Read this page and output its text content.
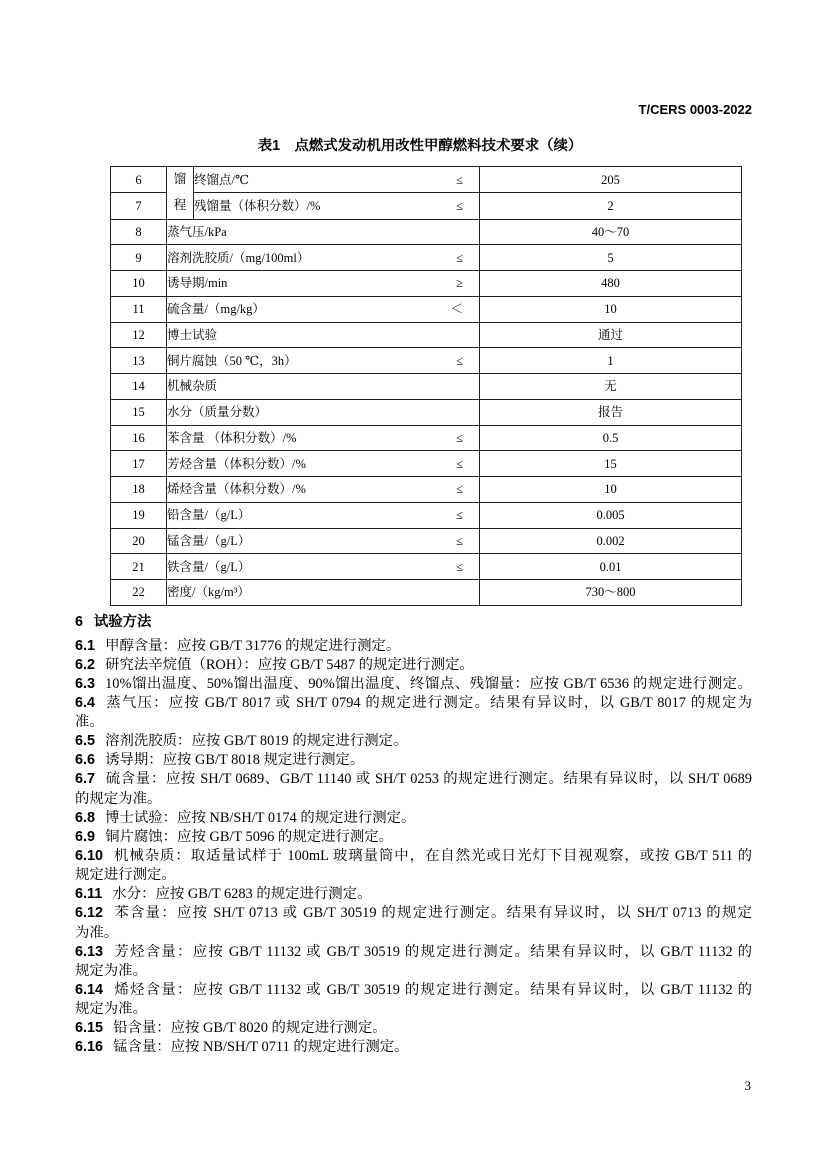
T/CERS 0003-2022
表1 点燃式发动机用改性甲醇燃料技术要求（续）
6	馏程	终馏点/℃ ≤	205
7		残馏量（体积分数）/% ≤	2
8	蒸气压/kPa		40～70
9	溶剂洗胶质/（mg/100ml） ≤		5
10	诱导期/min ≥		480
11	硫含量/（mg/kg） ＜		10
12	博士试验		通过
13	铜片腐蚀（50 ℃，3h） ≤		1
14	机械杂质		无
15	水分（质量分数）		报告
16	苯含量 （体积分数）/% ≤		0.5
17	芳烃含量（体积分数）/% ≤		15
18	烯烃含量（体积分数）/% ≤		10
19	铅含量/（g/L） ≤		0.005
20	锰含量/（g/L） ≤		0.002
21	铁含量/（g/L） ≤		0.01
22	密度/（kg/m³）		730～800
6 试验方法
6.1 甲醇含量：应按 GB/T 31776 的规定进行测定。
6.2 研究法辛烷值（ROH）：应按 GB/T 5487 的规定进行测定。
6.3 10%馏出温度、50%馏出温度、90%馏出温度、终馏点、残馏量：应按 GB/T 6536 的规定进行测定。
6.4 蒸气压：应按 GB/T 8017 或 SH/T 0794 的规定进行测定。结果有异议时，以 GB/T 8017 的规定为
准。
6.5 溶剂洗胶质：应按 GB/T 8019 的规定进行测定。
6.6 诱导期：应按 GB/T 8018 规定进行测定。
6.7 硫含量：应按 SH/T 0689、GB/T 11140 或 SH/T 0253 的规定进行测定。结果有异议时，以 SH/T 0689
的规定为准。
6.8 博士试验：应按 NB/SH/T 0174 的规定进行测定。
6.9 铜片腐蚀：应按 GB/T 5096 的规定进行测定。
6.10 机械杂质：取适量试样于 100mL 玻璃量筒中，在自然光或日光灯下目视观察，或按 GB/T 511 的
规定进行测定。
6.11 水分：应按 GB/T 6283 的规定进行测定。
6.12 苯含量：应按 SH/T 0713 或 GB/T 30519 的规定进行测定。结果有异议时，以 SH/T 0713 的规定
为准。
6.13 芳烃含量：应按 GB/T 11132 或 GB/T 30519 的规定进行测定。结果有异议时，以 GB/T 11132 的
规定为准。
6.14 烯烃含量：应按 GB/T 11132 或 GB/T 30519 的规定进行测定。结果有异议时，以 GB/T 11132 的
规定为准。
6.15 铅含量：应按 GB/T 8020 的规定进行测定。
6.16 锰含量：应按 NB/SH/T 0711 的规定进行测定。
3
